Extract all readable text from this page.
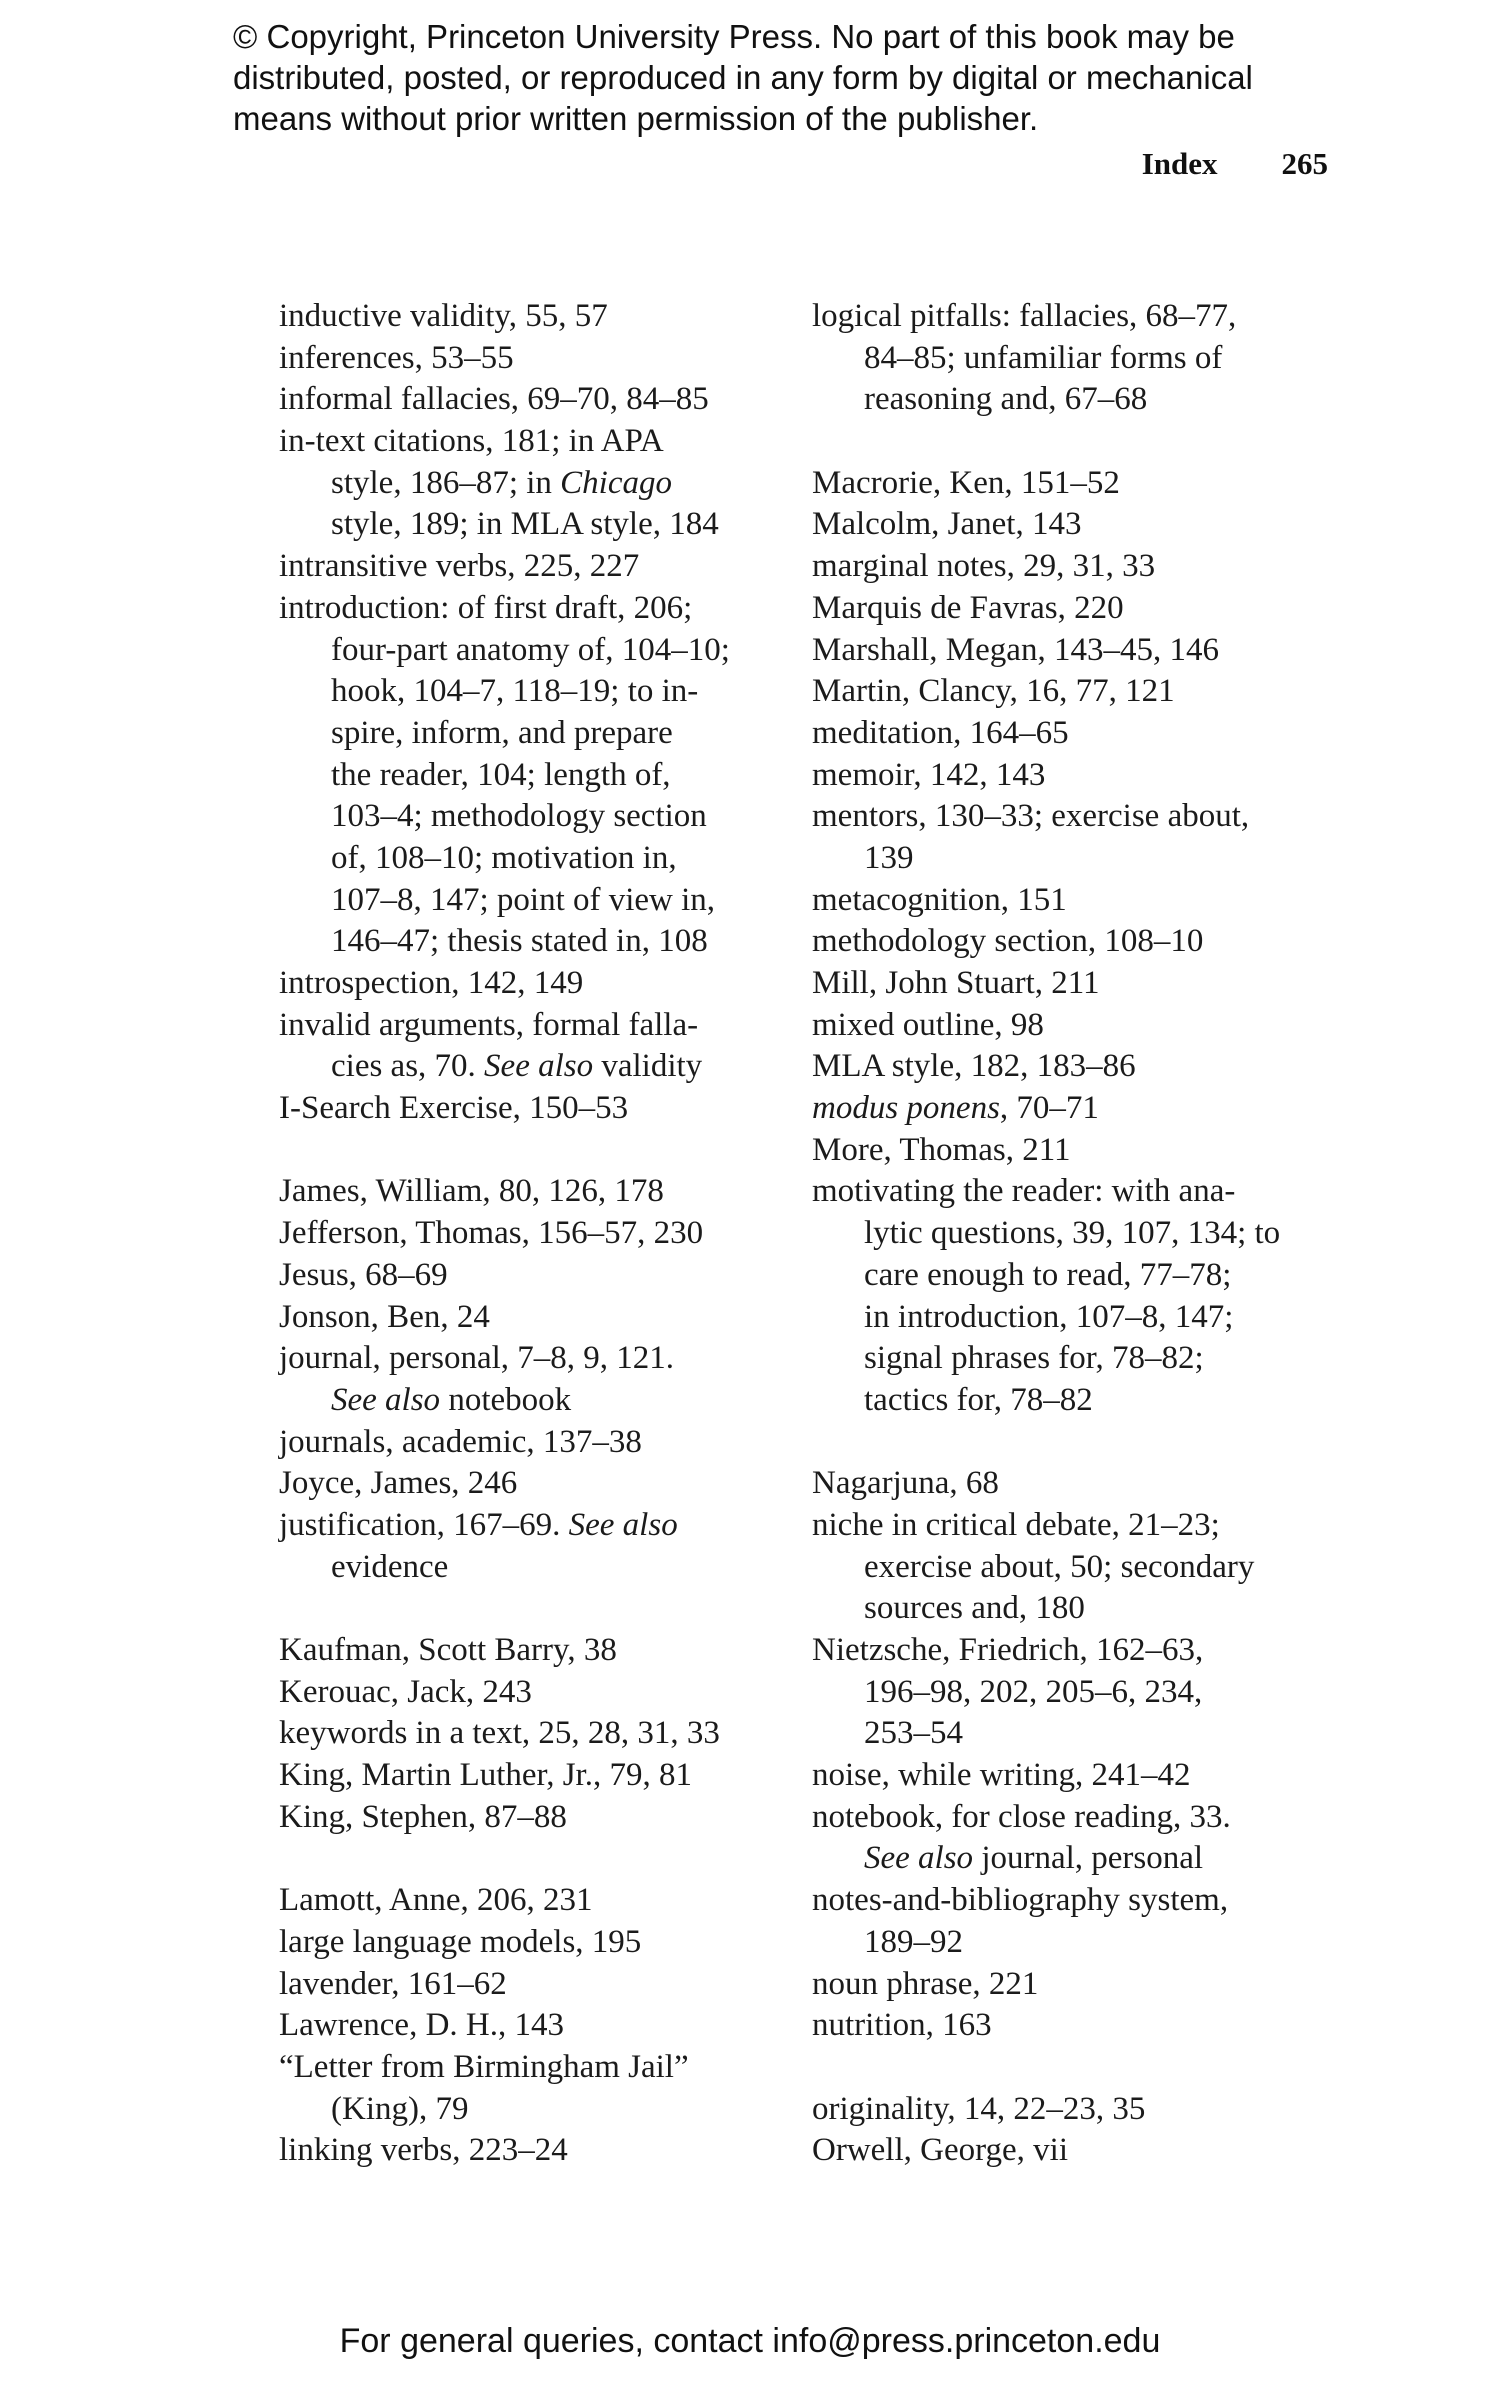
© Copyright, Princeton University Press. No part of this book may be
distributed, posted, or reproduced in any form by digital or mechanical
means without prior written permission of the publisher.
Index 265
inductive validity, 55, 57
inferences, 53–55
informal fallacies, 69–70, 84–85
in-text citations, 181; in APA
style, 186–87; in Chicago
style, 189; in MLA style, 184
intransitive verbs, 225, 227
introduction: of first draft, 206;
four-part anatomy of, 104–10;
hook, 104–7, 118–19; to in-
spire, inform, and prepare
the reader, 104; length of,
103–4; methodology section
of, 108–10; motivation in,
107–8, 147; point of view in,
146–47; thesis stated in, 108
introspection, 142, 149
invalid arguments, formal falla-
cies as, 70. See also validity
I-Search Exercise, 150–53
James, William, 80, 126, 178
Jefferson, Thomas, 156–57, 230
Jesus, 68–69
Jonson, Ben, 24
journal, personal, 7–8, 9, 121.
See also notebook
journals, academic, 137–38
Joyce, James, 246
justification, 167–69. See also
evidence
Kaufman, Scott Barry, 38
Kerouac, Jack, 243
keywords in a text, 25, 28, 31, 33
King, Martin Luther, Jr., 79, 81
King, Stephen, 87–88
Lamott, Anne, 206, 231
large language models, 195
lavender, 161–62
Lawrence, D. H., 143
“Letter from Birmingham Jail”
(King), 79
linking verbs, 223–24
logical pitfalls: fallacies, 68–77,
84–85; unfamiliar forms of
reasoning and, 67–68
Macrorie, Ken, 151–52
Malcolm, Janet, 143
marginal notes, 29, 31, 33
Marquis de Favras, 220
Marshall, Megan, 143–45, 146
Martin, Clancy, 16, 77, 121
meditation, 164–65
memoir, 142, 143
mentors, 130–33; exercise about,
139
metacognition, 151
methodology section, 108–10
Mill, John Stuart, 211
mixed outline, 98
MLA style, 182, 183–86
modus ponens, 70–71
More, Thomas, 211
motivating the reader: with ana-
lytic questions, 39, 107, 134; to
care enough to read, 77–78;
in introduction, 107–8, 147;
signal phrases for, 78–82;
tactics for, 78–82
Nagarjuna, 68
niche in critical debate, 21–23;
exercise about, 50; secondary
sources and, 180
Nietzsche, Friedrich, 162–63,
196–98, 202, 205–6, 234,
253–54
noise, while writing, 241–42
notebook, for close reading, 33.
See also journal, personal
notes-and-bibliography system,
189–92
noun phrase, 221
nutrition, 163
originality, 14, 22–23, 35
Orwell, George, vii
For general queries, contact info@press.princeton.edu
